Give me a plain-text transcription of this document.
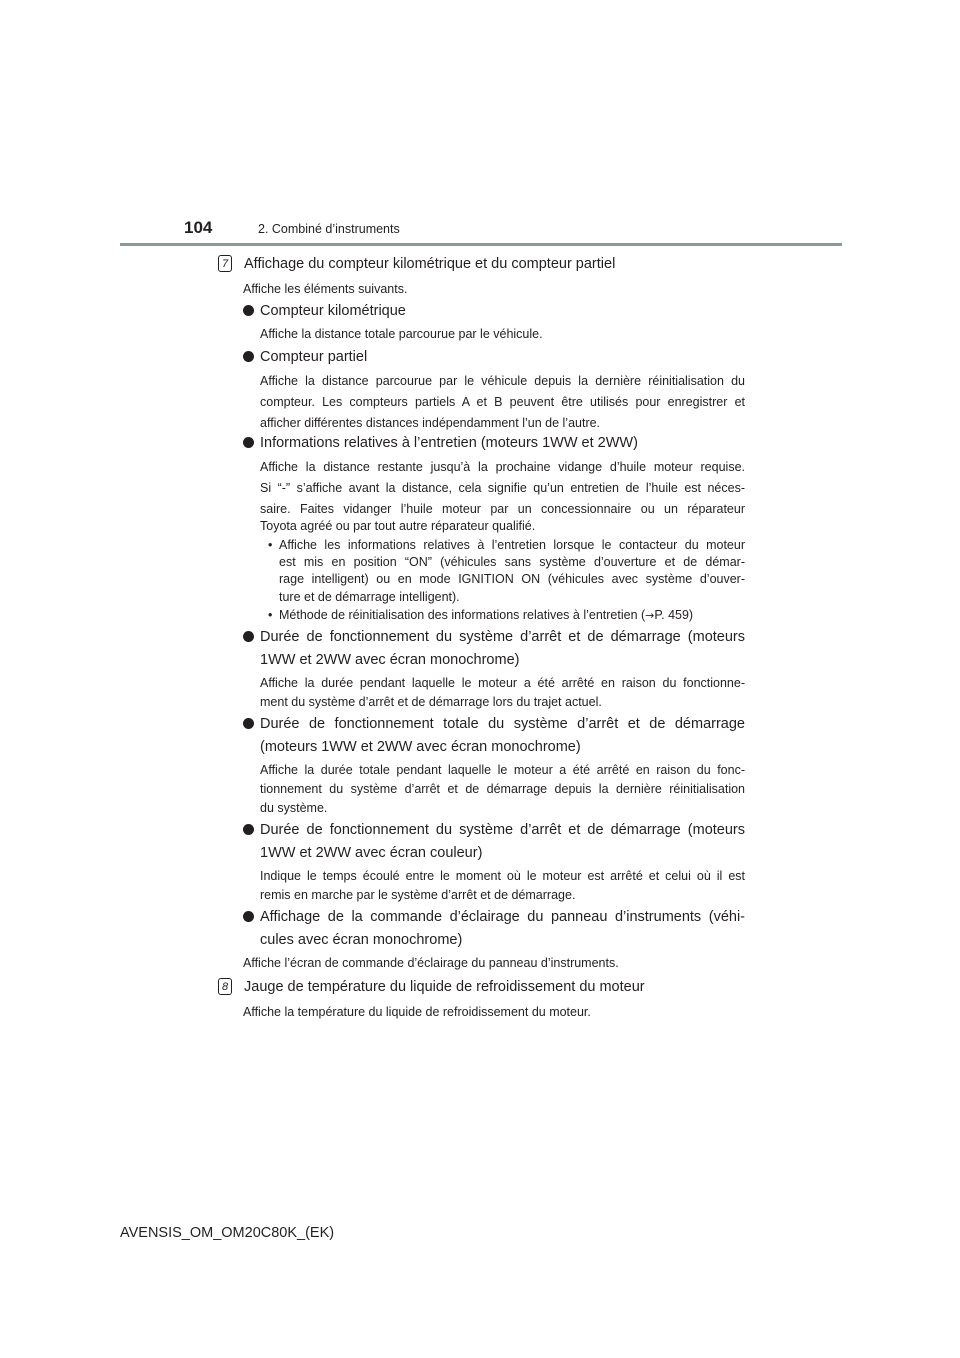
104	2. Combiné d’instruments
7 Affichage du compteur kilométrique et du compteur partiel
Affiche les éléments suivants.
Compteur kilométrique
Affiche la distance totale parcourue par le véhicule.
Compteur partiel
Affiche la distance parcourue par le véhicule depuis la dernière réinitialisation du
compteur. Les compteurs partiels A et B peuvent être utilisés pour enregistrer et
afficher différentes distances indépendamment l’un de l’autre.
Informations relatives à l’entretien (moteurs 1WW et 2WW)
Affiche la distance restante jusqu’à la prochaine vidange d’huile moteur requise.
Si “-” s’affiche avant la distance, cela signifie qu’un entretien de l’huile est néces-
saire. Faites vidanger l’huile moteur par un concessionnaire ou un réparateur
Toyota agréé ou par tout autre réparateur qualifié.
• Affiche les informations relatives à l’entretien lorsque le contacteur du moteur
est mis en position “ON” (véhicules sans système d’ouverture et de démar-
rage intelligent) ou en mode IGNITION ON (véhicules avec système d’ouver-
ture et de démarrage intelligent).
• Méthode de réinitialisation des informations relatives à l’entretien (→P. 459)
Durée de fonctionnement du système d’arrêt et de démarrage (moteurs
1WW et 2WW avec écran monochrome)
Affiche la durée pendant laquelle le moteur a été arrêté en raison du fonctionne-
ment du système d’arrêt et de démarrage lors du trajet actuel.
Durée de fonctionnement totale du système d’arrêt et de démarrage
(moteurs 1WW et 2WW avec écran monochrome)
Affiche la durée totale pendant laquelle le moteur a été arrêté en raison du fonc-
tionnement du système d’arrêt et de démarrage depuis la dernière réinitialisation
du système.
Durée de fonctionnement du système d’arrêt et de démarrage (moteurs
1WW et 2WW avec écran couleur)
Indique le temps écoulé entre le moment où le moteur est arrêté et celui où il est
remis en marche par le système d’arrêt et de démarrage.
Affichage de la commande d’éclairage du panneau d’instruments (véhi-
cules avec écran monochrome)
Affiche l’écran de commande d’éclairage du panneau d’instruments.
8 Jauge de température du liquide de refroidissement du moteur
Affiche la température du liquide de refroidissement du moteur.
AVENSIS_OM_OM20C80K_(EK)
